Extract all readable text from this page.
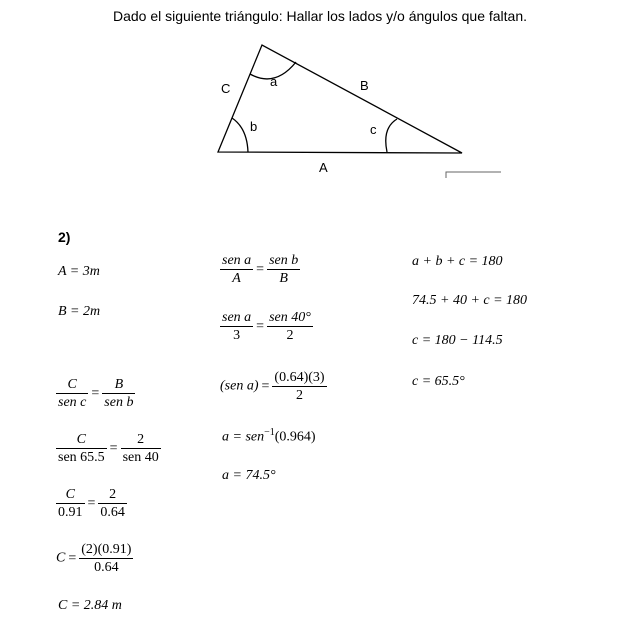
Dado el siguiente triángulo: Hallar los lados y/o ángulos que faltan.
C	a	B
b	c
A
2)
A = 3m
B = 2m
$\frac{C}{\text{sen c}} = \frac{B}{\text{sen b}}$
$\frac{C}{\text{sen 65.5}} = \frac{2}{\text{sen 40}}$
$\frac{C}{0.91} = \frac{2}{0.64}$
$C = \frac{(2)(0.91)}{0.64}$
C = 2.84 m
$\frac{\text{sen a}}{A} = \frac{\text{sen b}}{B}$
$\frac{\text{sen a}}{3} = \frac{\text{sen 40°}}{2}$
(sen $a) = \frac{(0.64)(3)}{2}$
a = sen$^{-1}$(0.964)
a = 74.5°
a + b + c = 180
74.5 + 40 + c = 180
c = 180 − 114.5
c = 65.5°
